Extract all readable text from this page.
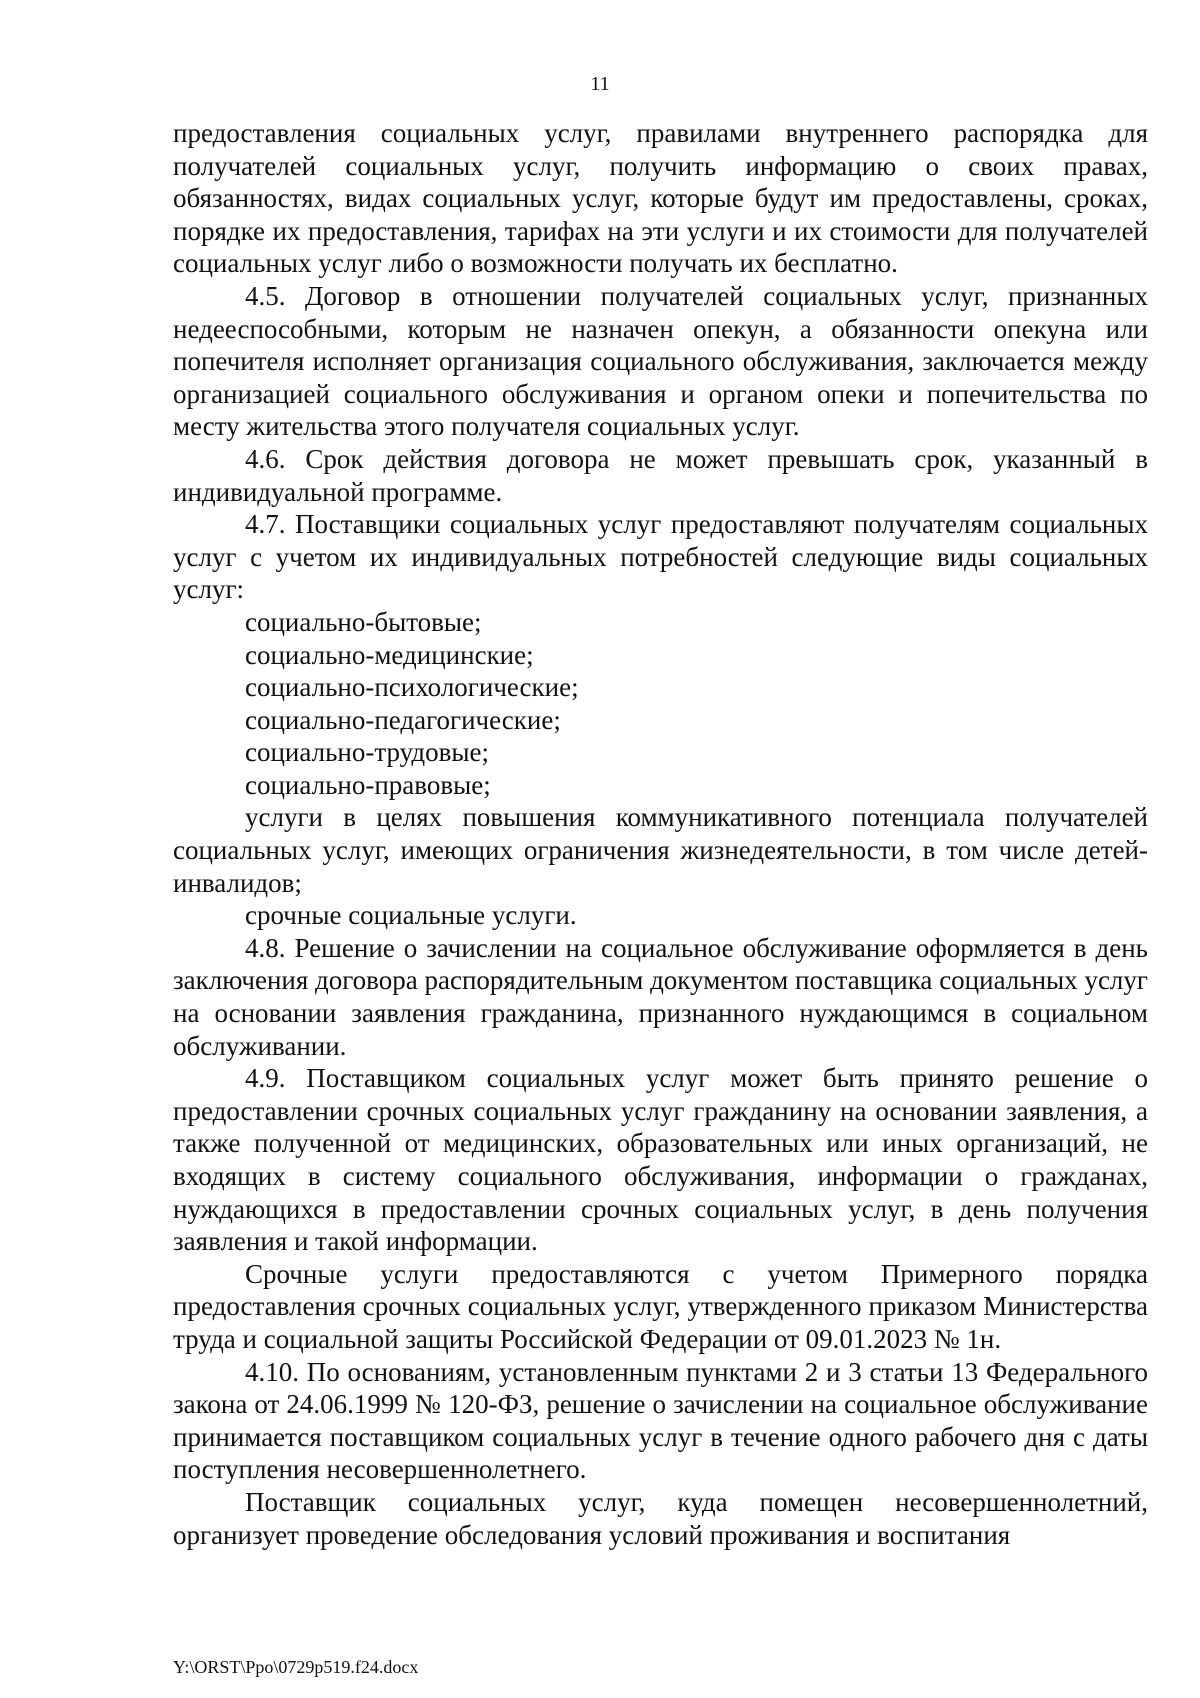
11

предоставления социальных услуг, правилами внутреннего распорядка для получателей социальных услуг, получить информацию о своих правах, обязанностях, видах социальных услуг, которые будут им предоставлены, сроках, порядке их предоставления, тарифах на эти услуги и их стоимости для получателей социальных услуг либо о возможности получать их бесплатно.

4.5. Договор в отношении получателей социальных услуг, признанных недееспособными, которым не назначен опекун, а обязанности опекуна или попечителя исполняет организация социального обслуживания, заключается между организацией социального обслуживания и органом опеки и попечительства по месту жительства этого получателя социальных услуг.

4.6. Срок действия договора не может превышать срок, указанный в индивидуальной программе.

4.7. Поставщики социальных услуг предоставляют получателям социальных услуг с учетом их индивидуальных потребностей следующие виды социальных услуг:

социально-бытовые;

социально-медицинские;

социально-психологические;

социально-педагогические;

социально-трудовые;

социально-правовые;

услуги в целях повышения коммуникативного потенциала получателей социальных услуг, имеющих ограничения жизнедеятельности, в том числе детей-инвалидов;

срочные социальные услуги.

4.8. Решение о зачислении на социальное обслуживание оформляется в день заключения договора распорядительным документом поставщика социальных услуг на основании заявления гражданина, признанного нуждающимся в социальном обслуживании.

4.9. Поставщиком социальных услуг может быть принято решение о предоставлении срочных социальных услуг гражданину на основании заявления, а также полученной от медицинских, образовательных или иных организаций, не входящих в систему социального обслуживания, информации о гражданах, нуждающихся в предоставлении срочных социальных услуг, в день получения заявления и такой информации.

Срочные услуги предоставляются с учетом Примерного порядка предоставления срочных социальных услуг, утвержденного приказом Министерства труда и социальной защиты Российской Федерации от 09.01.2023 № 1н.

4.10. По основаниям, установленным пунктами 2 и 3 статьи 13 Федерального закона от 24.06.1999 № 120-ФЗ, решение о зачислении на социальное обслуживание принимается поставщиком социальных услуг в течение одного рабочего дня с даты поступления несовершеннолетнего.

Поставщик социальных услуг, куда помещен несовершеннолетний, организует проведение обследования условий проживания и воспитания

Y:\ORST\Ppo\0729p519.f24.docx
